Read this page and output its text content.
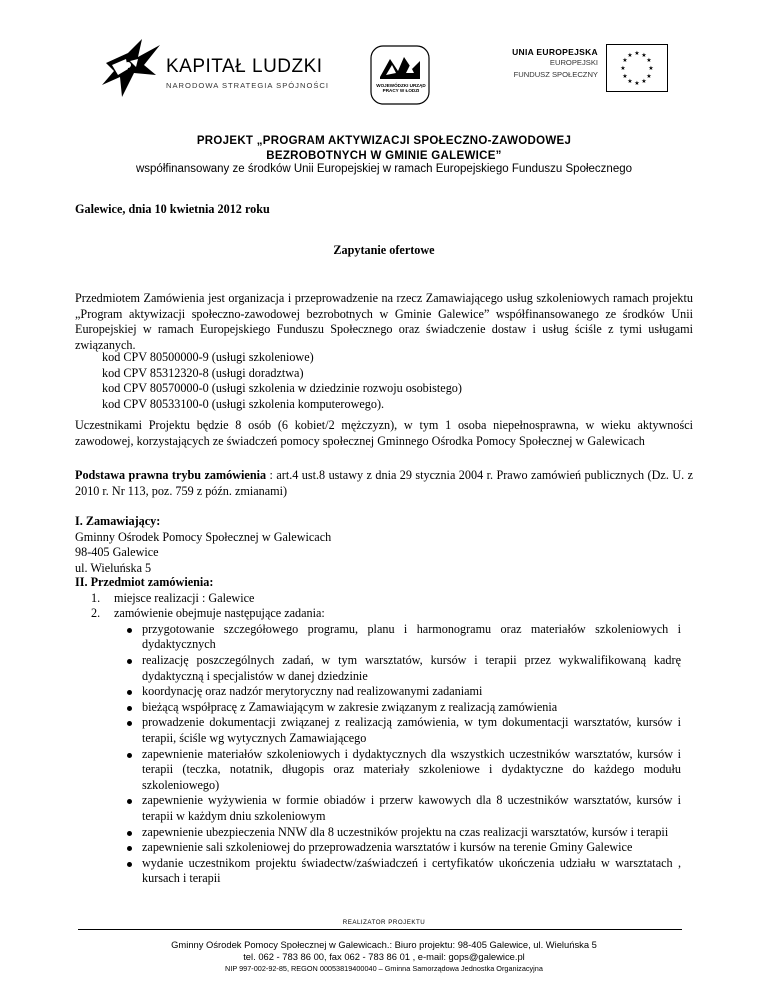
KAPITAŁ LUDZKI
NARODOWA STRATEGIA SPÓJNOŚCI	WOJEWÓDZKI URZĄD PRACY W ŁODZI
UNIA EUROPEJSKA
EUROPEJSKI
FUNDUSZ SPOŁECZNY
★ ★
★
★
★
★
★
★
★
★
★
★
PROJEKT „PROGRAM AKTYWIZACJI SPOŁECZNO-ZAWODOWEJ
BEZROBOTNYCH W GMINIE GALEWICE”
współfinansowany ze środków Unii Europejskiej w ramach Europejskiego Funduszu Społecznego
Galewice, dnia 10 kwietnia 2012 roku
Zapytanie ofertowe
Przedmiotem Zamówienia jest organizacja i przeprowadzenie na rzecz Zamawiającego usług szkoleniowych ramach projektu „Program aktywizacji społeczno-zawodowej bezrobotnych w Gminie Galewice” współfinansowanego ze środków Unii Europejskiej w ramach Europejskiego Funduszu Społecznego oraz świadczenie dostaw i usług ściśle z tymi usługami związanych.
kod CPV 80500000-9 (usługi szkoleniowe)
kod CPV 85312320-8 (usługi doradztwa)
kod CPV 80570000-0 (usługi szkolenia w dziedzinie rozwoju osobistego)
kod CPV 80533100-0 (usługi szkolenia komputerowego).
Uczestnikami Projektu będzie 8 osób (6 kobiet/2 mężczyzn), w tym 1 osoba niepełnosprawna, w wieku aktywności zawodowej, korzystających ze świadczeń pomocy społecznej Gminnego Ośrodka Pomocy Społecznej w Galewicach
Podstawa prawna trybu zamówienia : art.4 ust.8 ustawy z dnia 29 stycznia 2004 r. Prawo zamówień publicznych (Dz. U. z 2010 r. Nr 113, poz. 759 z późn. zmianami)
I. Zamawiający:
Gminny Ośrodek Pomocy Społecznej w Galewicach
98-405 Galewice
ul. Wieluńska 5
II. Przedmiot zamówienia:
1. miejsce realizacji : Galewice
2. zamówienie obejmuje następujące zadania:
przygotowanie szczegółowego programu, planu i harmonogramu oraz materiałów szkoleniowych i dydaktycznych
realizację poszczególnych zadań, w tym warsztatów, kursów i terapii przez wykwalifikowaną kadrę dydaktyczną i specjalistów w danej dziedzinie
koordynację oraz nadzór merytoryczny nad realizowanymi zadaniami
bieżącą współpracę z Zamawiającym w zakresie związanym z realizacją zamówienia
prowadzenie dokumentacji związanej z realizacją zamówienia, w tym dokumentacji warsztatów, kursów i terapii, ściśle wg wytycznych Zamawiającego
zapewnienie materiałów szkoleniowych i dydaktycznych dla wszystkich uczestników warsztatów, kursów i terapii (teczka, notatnik, długopis oraz materiały szkoleniowe i dydaktyczne do każdego modułu szkoleniowego)
zapewnienie wyżywienia w formie obiadów i przerw kawowych dla 8 uczestników warsztatów, kursów i terapii w każdym dniu szkoleniowym
zapewnienie ubezpieczenia NNW dla 8 uczestników projektu na czas realizacji warsztatów, kursów i terapii
zapewnienie sali szkoleniowej do przeprowadzenia warsztatów i kursów na terenie Gminy Galewice
wydanie uczestnikom projektu świadectw/zaświadczeń i certyfikatów ukończenia udziału w warsztatach , kursach i terapii
REALIZATOR PROJEKTU
Gminny Ośrodek Pomocy Społecznej w Galewicach.: Biuro projektu: 98-405 Galewice, ul. Wieluńska 5
tel. 062 - 783 86 00, fax 062 - 783 86 01 , e-mail: gops@galewice.pl
NIP 997-002-92-85, REGON 00053819400040 – Gminna Samorządowa Jednostka Organizacyjna
